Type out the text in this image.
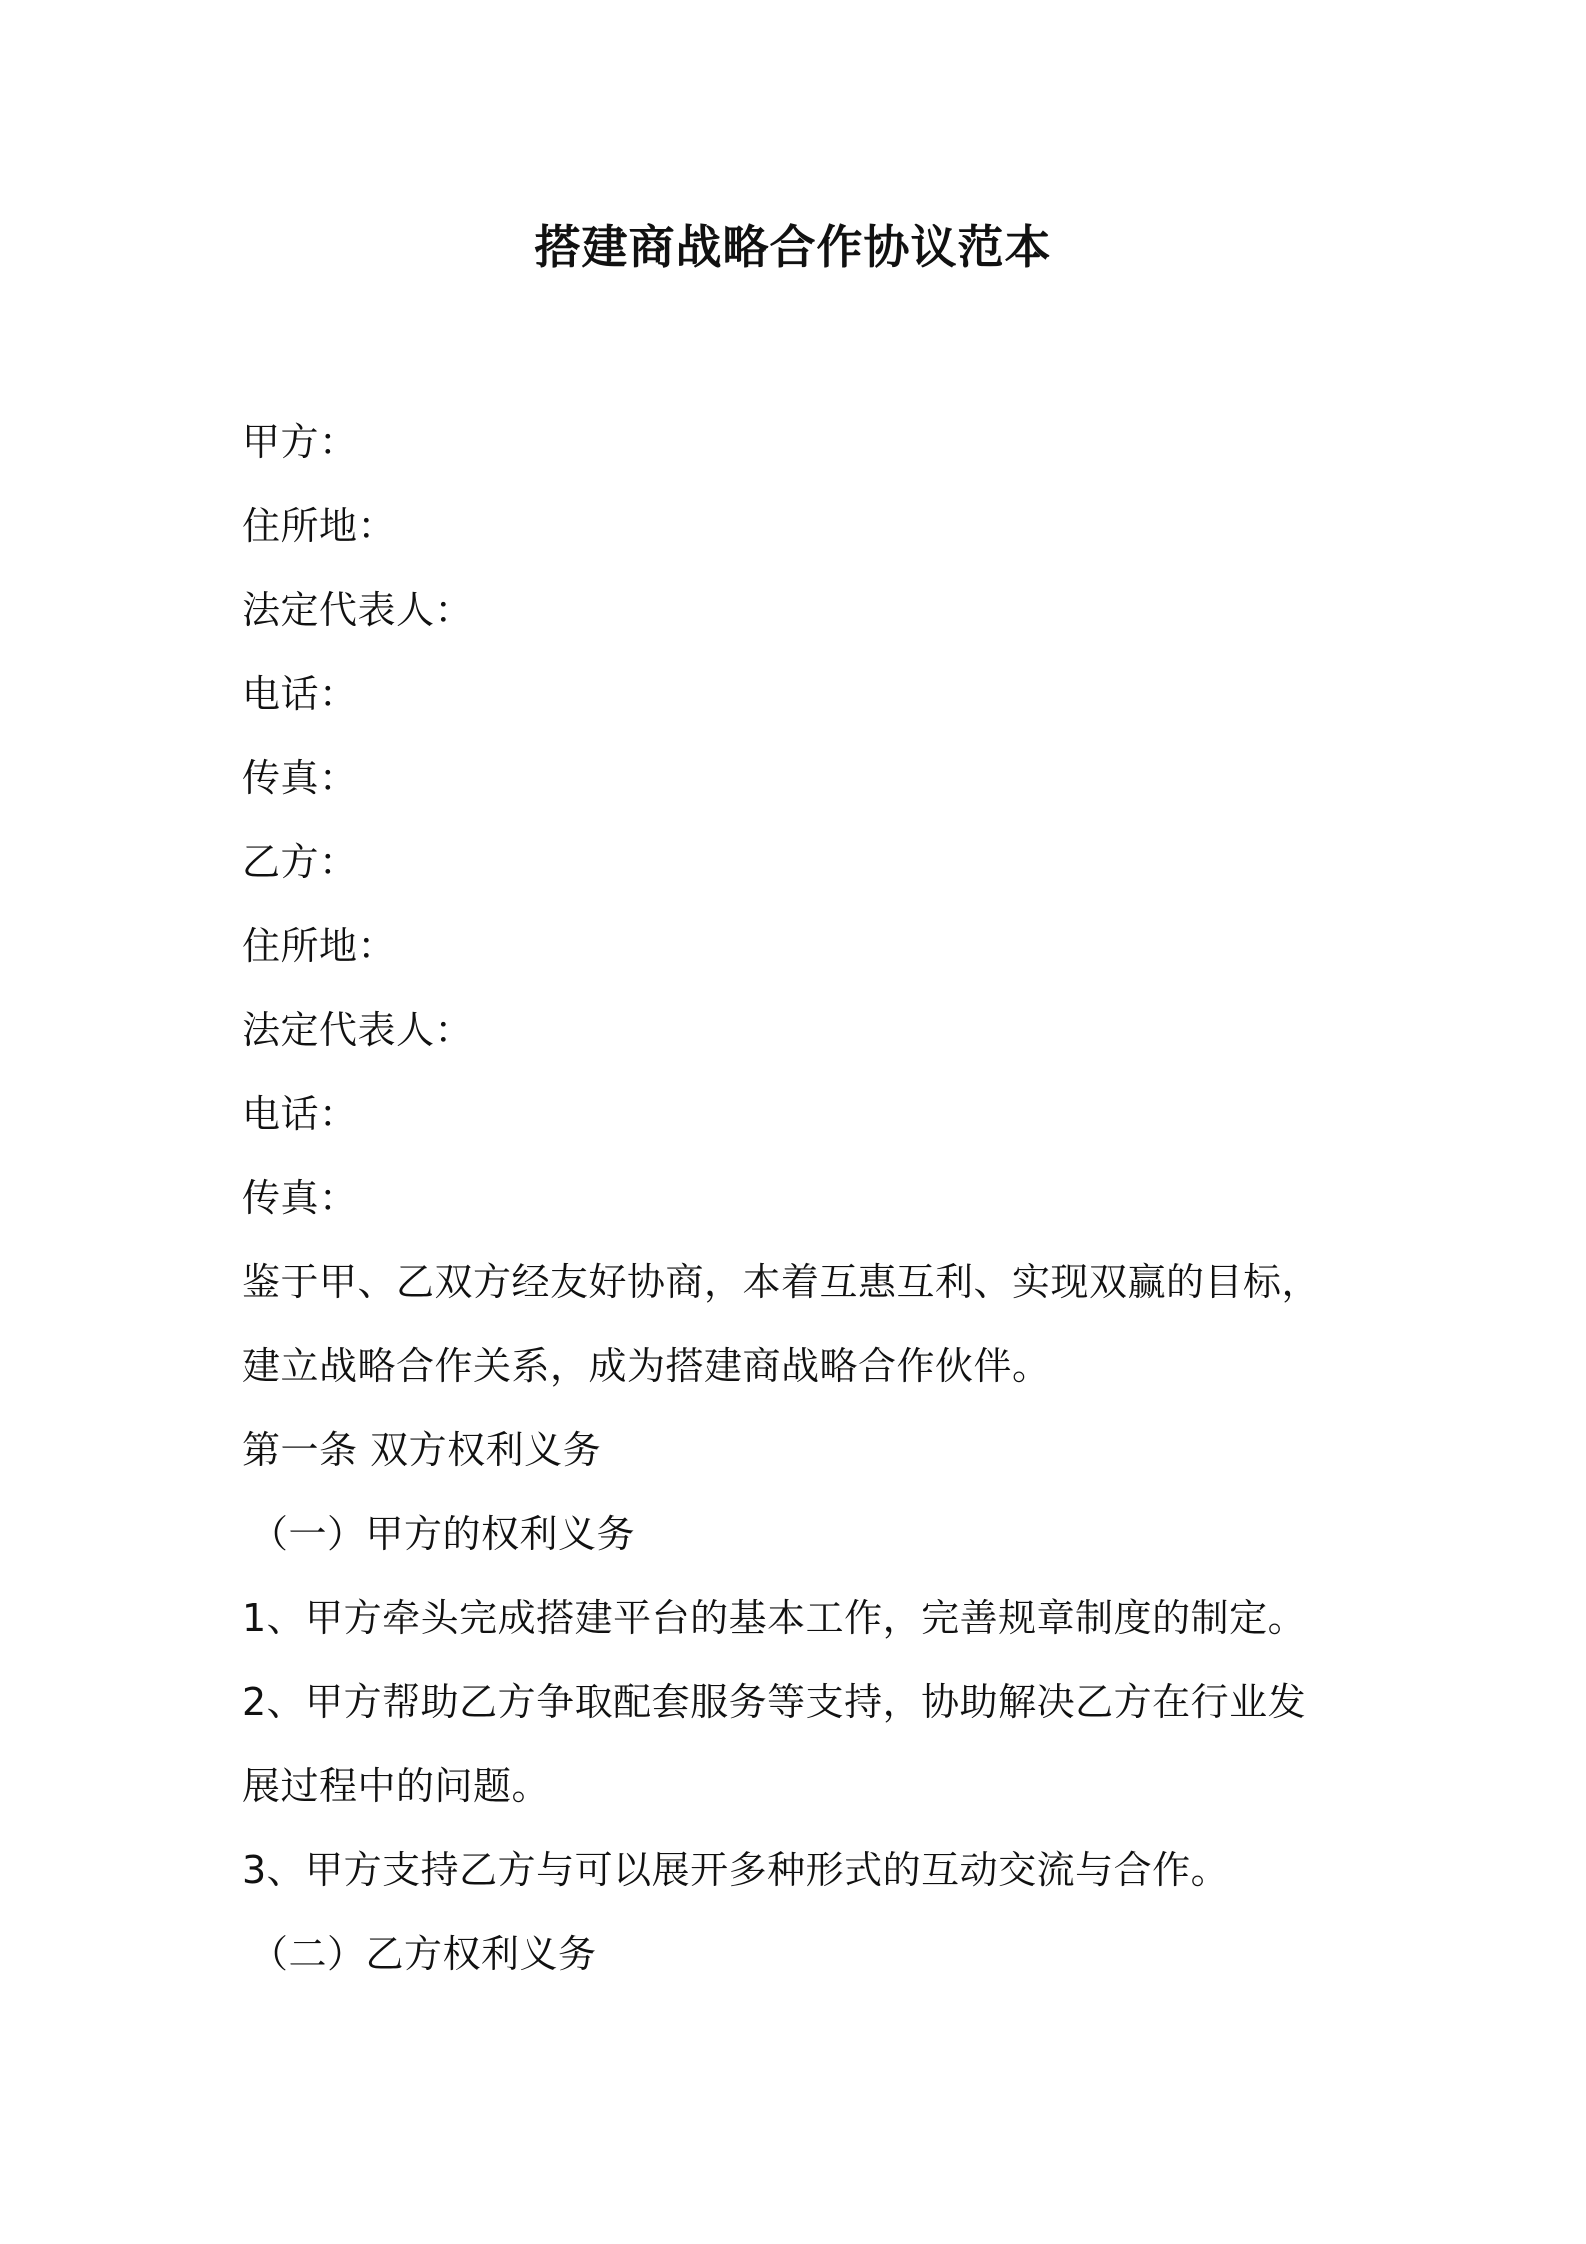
搭建商战略合作协议范本
甲方：
住所地：
法定代表人：
电话：
传真：
乙方：
住所地：
法定代表人：
电话：
传真：
鉴于甲、乙双方经友好协商，本着互惠互利、实现双赢的目标，
建立战略合作关系，成为搭建商战略合作伙伴。
第一条 双方权利义务
（一）甲方的权利义务
1、甲方牵头完成搭建平台的基本工作，完善规章制度的制定。
2、甲方帮助乙方争取配套服务等支持，协助解决乙方在行业发
展过程中的问题。
3、甲方支持乙方与可以展开多种形式的互动交流与合作。
（二）乙方权利义务
